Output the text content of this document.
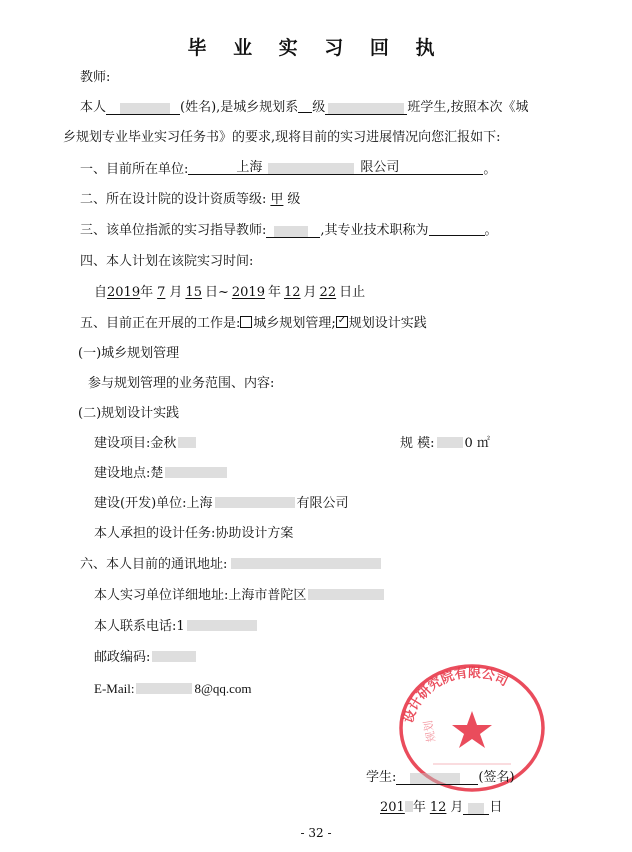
毕 业 实 习 回 执
教师:
本人	(姓名),是城乡规划系 级	班学生,按照本次《城
乡规划专业毕业实习任务书》的要求,现将目前的实习进展情况向您汇报如下:
一、目前所在单位:	上海	限公司	。
二、所在设计院的设计资质等级: 甲 级
三、该单位指派的实习指导教师:	,其专业技术职称为	。
四、本人计划在该院实习时间:
自2019年 7 月 15 日~ 2019 年 12 月 22 日止
五、目前正在开展的工作是: 城乡规划管理; ✓ 规划设计实践
(一)城乡规划管理
参与规划管理的业务范围、内容:
(二)规划设计实践
建设项目:金秋	规 模: 0 ㎡
建设地点:楚
建设(开发)单位:上海	有限公司
本人承担的设计任务:协助设计方案
六、本人目前的通讯地址:
本人实习单位详细地址:上海市普陀区
本人联系电话:1
邮政编码:
E-Mail:	8@qq.com
设计研究院有限公司
规划
学生:	(签名)
201 年 12 月 日
- 32 -
